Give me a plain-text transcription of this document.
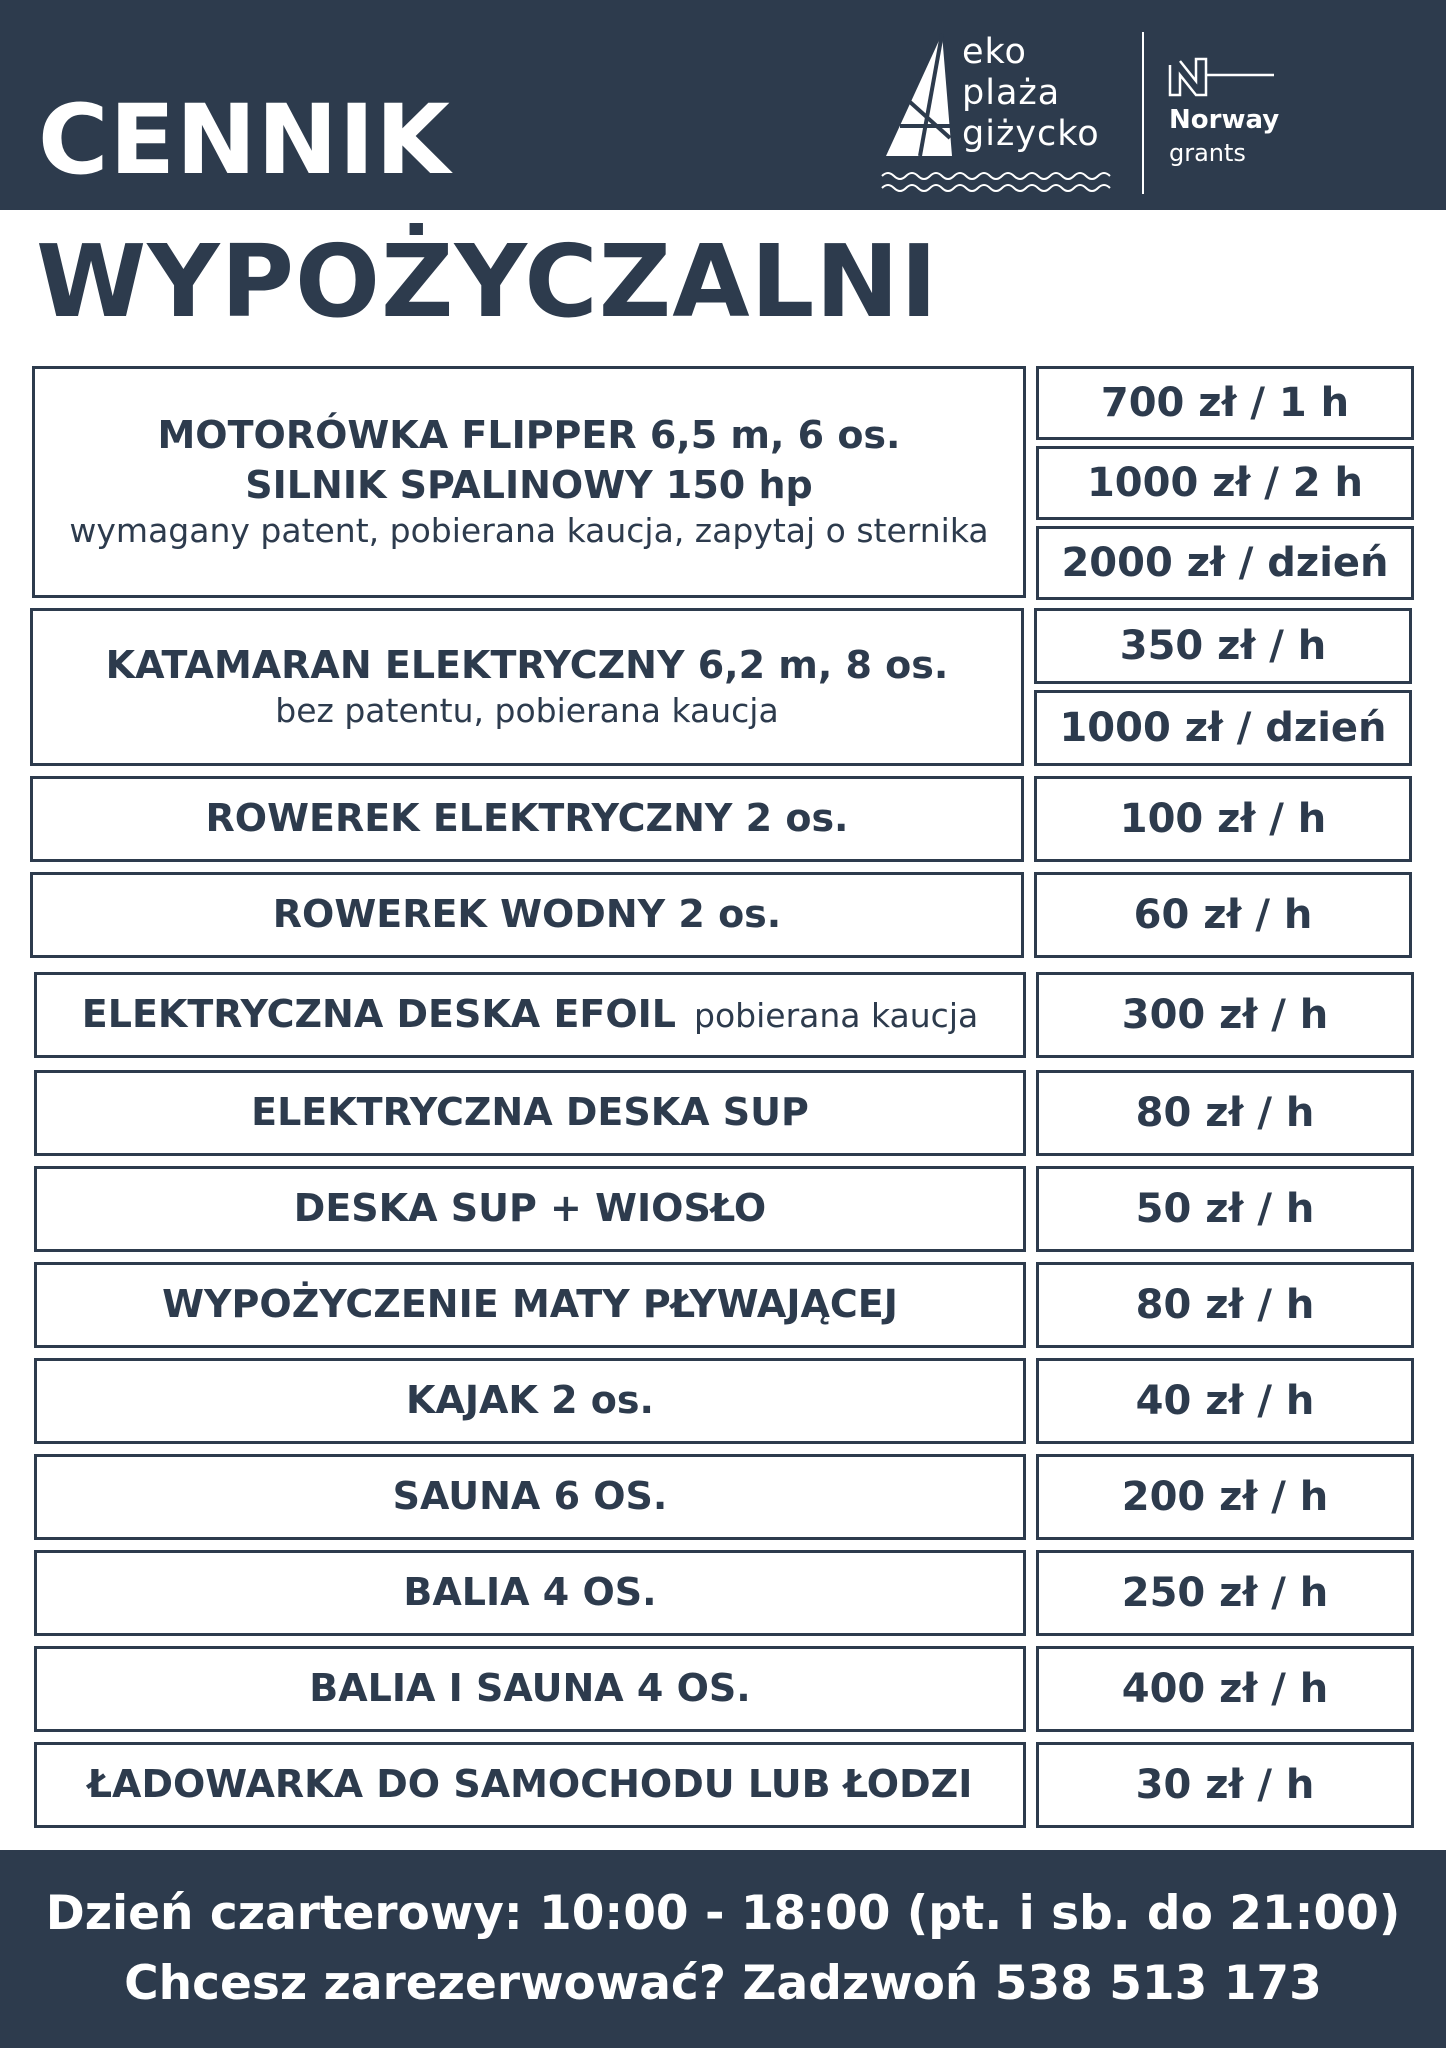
CENNIK
WYPOŻYCZALNI
eko
plaża
giżycko	Norway
grants
MOTORÓWKA FLIPPER 6,5 m, 6 os.
SILNIK SPALINOWY 150 hp
wymagany patent, pobierana kaucja, zapytaj o sternika
700 zł / 1 h
1000 zł / 2 h
2000 zł / dzień
KATAMARAN ELEKTRYCZNY 6,2 m, 8 os.
bez patentu, pobierana kaucja
350 zł / h
1000 zł / dzień
ROWEREK ELEKTRYCZNY 2 os.	100 zł / h
ROWEREK WODNY 2 os.	60 zł / h
ELEKTRYCZNA DESKA EFOIL pobierana kaucja	300 zł / h
ELEKTRYCZNA DESKA SUP	80 zł / h
DESKA SUP + WIOSŁO	50 zł / h
WYPOŻYCZENIE MATY PŁYWAJĄCEJ	80 zł / h
KAJAK 2 os.	40 zł / h
SAUNA 6 OS.	200 zł / h
BALIA 4 OS.	250 zł / h
BALIA I SAUNA 4 OS.	400 zł / h
ŁADOWARKA DO SAMOCHODU LUB ŁODZI	30 zł / h
Dzień czarterowy: 10:00 - 18:00 (pt. i sb. do 21:00)
Chcesz zarezerwować? Zadzwoń 538 513 173
